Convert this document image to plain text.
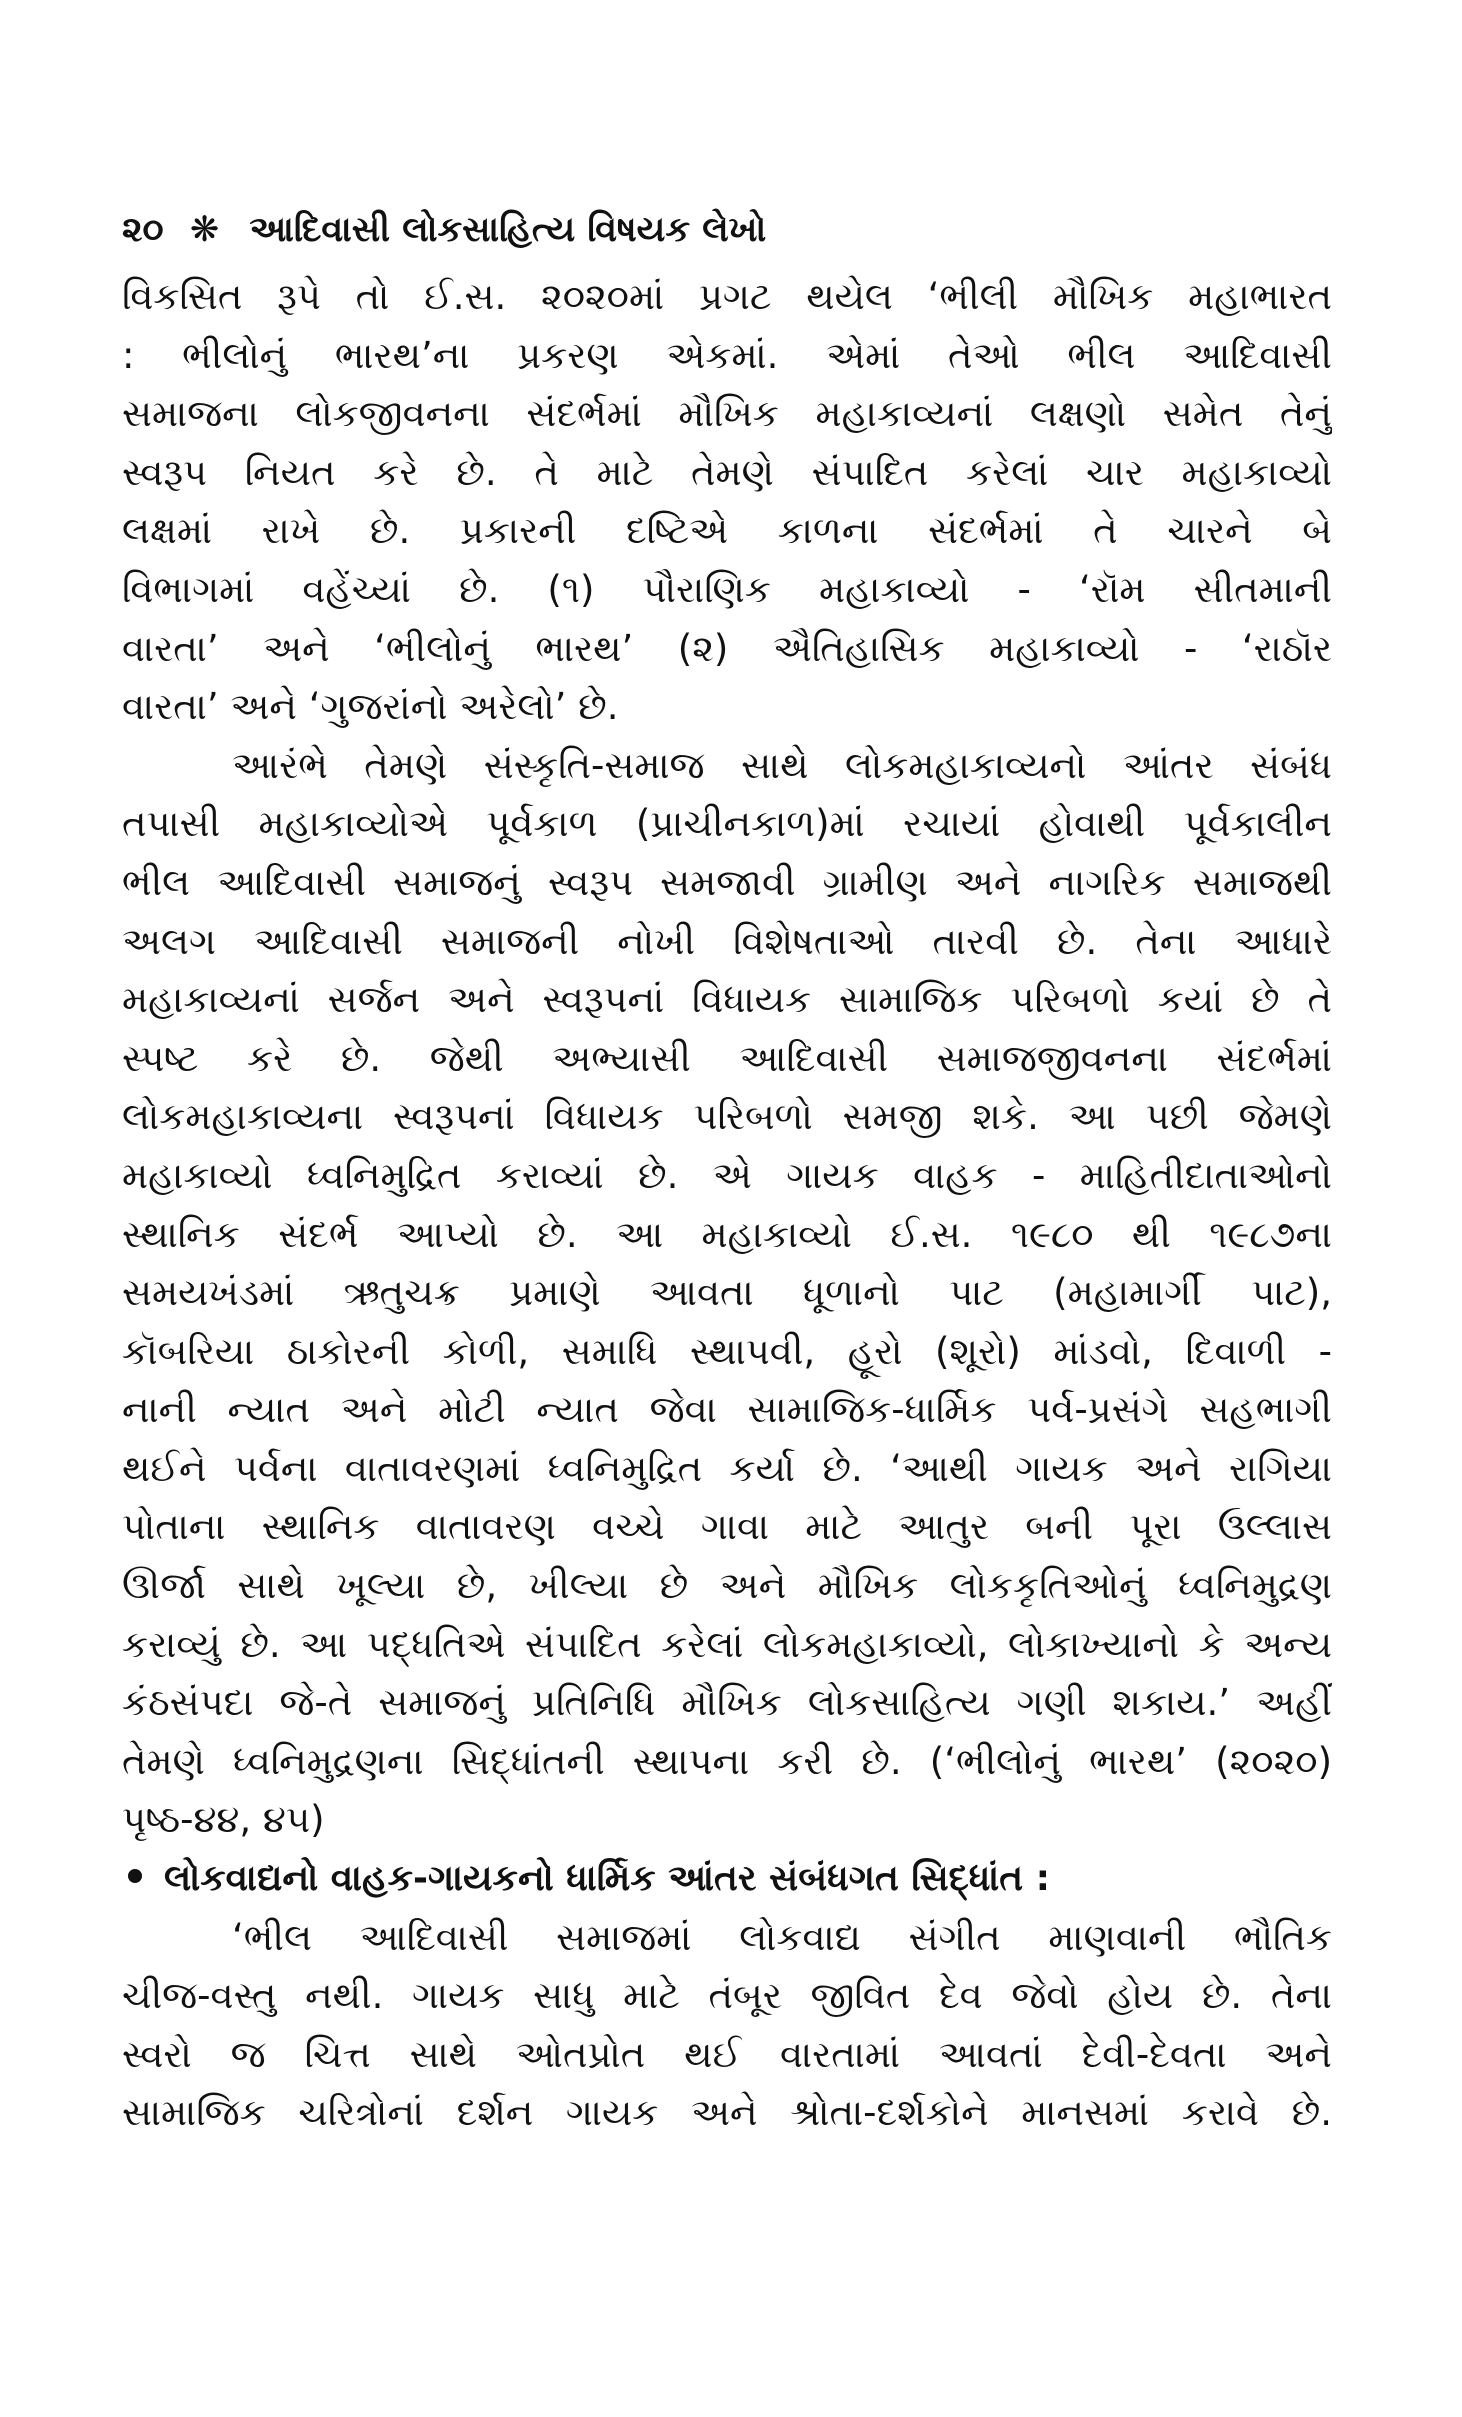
૨૦ ❋ આદિવાસી લોકસાહિત્ય વિષયક લેખો
વિકસિત રૂપે તો ઈ.સ. ૨૦૨૦માં પ્રગટ થયેલ ‘ભીલી મૌખિક મહાભારત
: ભીલોનું ભારથ’ના પ્રકરણ એકમાં. એમાં તેઓ ભીલ આદિવાસી
સમાજના લોકજીવનના સંદર્ભમાં મૌખિક મહાકાવ્યનાં લક્ષણો સમેત તેનું
સ્વરૂપ નિયત કરે છે. તે માટે તેમણે સંપાદિત કરેલાં ચાર મહાકાવ્યો
લક્ષમાં રાખે છે. પ્રકારની દષ્ટિએ કાળના સંદર્ભમાં તે ચારને બે
વિભાગમાં વહેંચ્યાં છે. (૧) પૌરાણિક મહાકાવ્યો - ‘રૉમ સીતમાની
વારતા’ અને ‘ભીલોનું ભારથ’ (૨) ઐતિહાસિક મહાકાવ્યો - ‘રાઠૉર
વારતા’ અને ‘ગુજરાંનો અરેલો’ છે.
આરંભે તેમણે સંસ્કૃતિ-સમાજ સાથે લોકમહાકાવ્યનો આંતર સંબંધ
તપાસી મહાકાવ્યોએ પૂર્વકાળ (પ્રાચીનકાળ)માં રચાયાં હોવાથી પૂર્વકાલીન
ભીલ આદિવાસી સમાજનું સ્વરૂપ સમજાવી ગ્રામીણ અને નાગરિક સમાજથી
અલગ આદિવાસી સમાજની નોખી વિશેષતાઓ તારવી છે. તેના આધારે
મહાકાવ્યનાં સર્જન અને સ્વરૂપનાં વિધાયક સામાજિક પરિબળો કયાં છે તે
સ્પષ્ટ કરે છે. જેથી અભ્યાસી આદિવાસી સમાજજીવનના સંદર્ભમાં
લોકમહાકાવ્યના સ્વરૂપનાં વિધાયક પરિબળો સમજી શકે. આ પછી જેમણે
મહાકાવ્યો ધ્વનિમુદ્રિત કરાવ્યાં છે. એ ગાયક વાહક - માહિતીદાતાઓનો
સ્થાનિક સંદર્ભ આપ્યો છે. આ મહાકાવ્યો ઈ.સ. ૧૯૮૦ થી ૧૯૮૭ના
સમયખંડમાં ઋતુચક્ર પ્રમાણે આવતા ધૂળાનો પાટ (મહામાર્ગી પાટ),
કૉબરિયા ઠાકોરની કોળી, સમાધિ સ્થાપવી, હૂરો (શૂરો) માંડવો, દિવાળી -
નાની ન્યાત અને મોટી ન્યાત જેવા સામાજિક-ધાર્મિક પર્વ-પ્રસંગે સહભાગી
થઈને પર્વના વાતાવરણમાં ધ્વનિમુદ્રિત કર્યા છે. ‘આથી ગાયક અને રાગિયા
પોતાના સ્થાનિક વાતાવરણ વચ્ચે ગાવા માટે આતુર બની પૂરા ઉલ્લાસ
ઊર્જા સાથે ખૂલ્યા છે, ખીલ્યા છે અને મૌખિક લોકકૃતિઓનું ધ્વનિમુદ્રણ
કરાવ્યું છે. આ પદ્ધતિએ સંપાદિત કરેલાં લોકમહાકાવ્યો, લોકાખ્યાનો કે અન્ય
કંઠસંપદા જે-તે સમાજનું પ્રતિનિધિ મૌખિક લોકસાહિત્ય ગણી શકાય.’ અહીં
તેમણે ધ્વનિમુદ્રણના સિદ્ધાંતની સ્થાપના કરી છે. (‘ભીલોનું ભારથ’ (૨૦૨૦)
પૃષ્ઠ-૪૪, ૪૫)
લોકવાદ્યનો વાહક-ગાયકનો ધાર્મિક આંતર સંબંધગત સિદ્ધાંત :
‘ભીલ આદિવાસી સમાજમાં લોકવાદ્ય સંગીત માણવાની ભૌતિક
ચીજ-વસ્તુ નથી. ગાયક સાધુ માટે તંબૂર જીવિત દેવ જેવો હોય છે. તેના
સ્વરો જ ચિત્ત સાથે ઓતપ્રોત થઈ વારતામાં આવતાં દેવી-દેવતા અને
સામાજિક ચરિત્રોનાં દર્શન ગાયક અને શ્રોતા-દર્શકોને માનસમાં કરાવે છે.
